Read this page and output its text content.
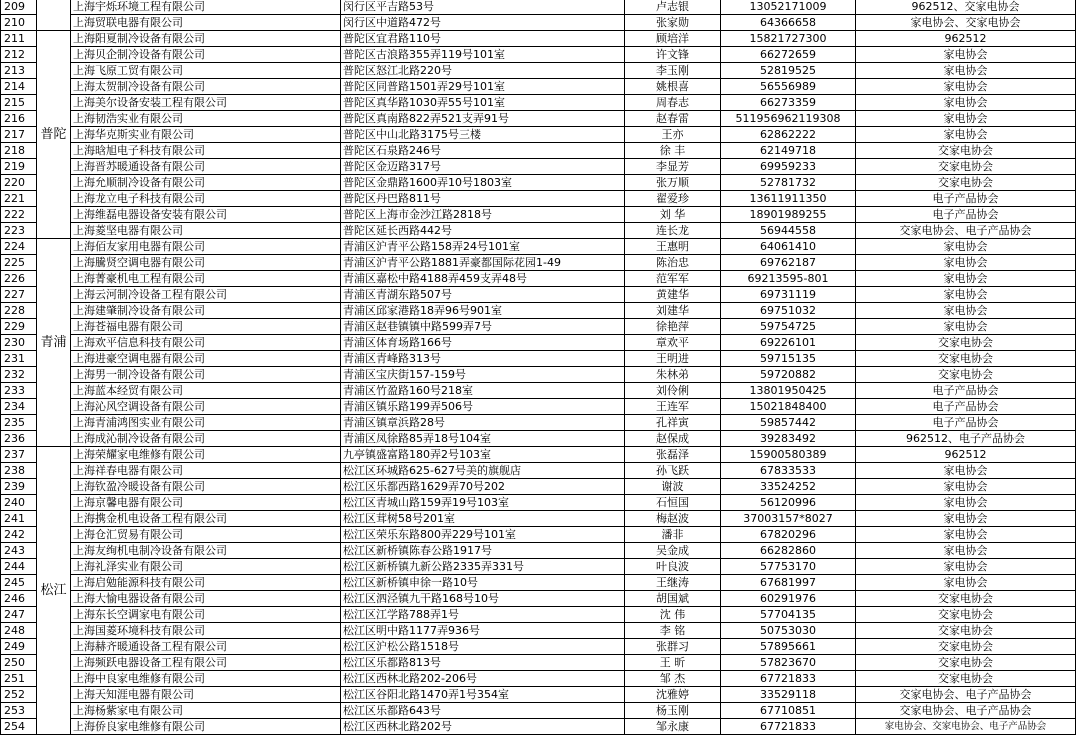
209		上海宇烁环境工程有限公司	闵行区平吉路53号	卢志银	13052171009	962512、交家电协会
210		上海贸联电器有限公司	闵行区中道路472号	张家勋	64366658	家电协会、交家电协会
211	普陀	上海阳夏制冷设备有限公司	普陀区宜君路110号	顾培洋	15821727300	962512
212		上海贝企制冷设备有限公司	普陀区古浪路355弄119号101室	许文锋	66272659	家电协会
213		上海飞原工贸有限公司	普陀区怒江北路220号	李玉刚	52819525	家电协会
214		上海太贺制冷设备有限公司	普陀区同普路1501弄29号101室	姚根喜	56556989	家电协会
215		上海美尔设备安装工程有限公司	普陀区真华路1030弄55号101室	周春志	66273359	家电协会
216		上海韧浩实业有限公司	普陀区真南路822弄521支弄91号	赵春雷	511956962119308	家电协会
217		上海华克斯实业有限公司	普陀区中山北路3175号三楼	王亦	62862222	家电协会
218		上海晗旭电子科技有限公司	普陀区石泉路246号	徐 丰	62149718	交家电协会
219		上海晋苏暖通设备有限公司	普陀区金迈路317号	李显芳	69959233	交家电协会
220		上海允顺制冷设备有限公司	普陀区金鼎路1600弄10号1803室	张万顺	52781732	交家电协会
221		上海龙立电子科技有限公司	普陀区丹巴路811号	翟爱珍	13611911350	电子产品协会
222		上海维磊电器设备安装有限公司	普陀区上海市金沙江路2818号	刘 华	18901989255	电子产品协会
223		上海菱坚电器有限公司	普陀区延长西路442号	连长龙	56944558	交家电协会、电子产品协会
224	青浦	上海佰友家用电器有限公司	青浦区沪青平公路158弄24号101室	王惠明	64061410	家电协会
225		上海騰贤空调电器有限公司	青浦区沪青平公路1881弄豪都国际花园1-49	陈治忠	69762187	家电协会
226		上海菁豪机电工程有限公司	青浦区嘉松中路4188弄459支弄48号	范军军	69213595-801	家电协会
227		上海云河制冷设备工程有限公司	青浦区青湖东路507号	黄建华	69731119	家电协会
228		上海建肇制冷设备有限公司	青浦区邱家港路18弄96号901室	刘建华	69751032	家电协会
229		上海苍福电器有限公司	青浦区赵巷镇镇中路599弄7号	徐艳萍	59754725	家电协会
230		上海欢平信息科技有限公司	青浦区体育场路166号	章欢平	69226101	交家电协会
231		上海进豪空调电器有限公司	青浦区青峰路313号	王明进	59715135	交家电协会
232		上海男一制冷设备有限公司	青浦区宝庆街157-159号	朱林弟	59720882	交家电协会
233		上海蓝本经贸有限公司	青浦区竹盈路160号218室	刘伶俐	13801950425	电子产品协会
234		上海沁风空调设备有限公司	青浦区镇乐路199弄506号	王连军	15021848400	电子产品协会
235		上海青浦鸿图实业有限公司	青浦区镇章浜路28号	孔祥寅	59857442	电子产品协会
236		上海成沁制冷设备有限公司	青浦区凤徐路85弄18号104室	赵保成	39283492	962512、电子产品协会
237	松江	上海荣耀家电维修有限公司	九亭镇盛富路180弄2号103室	张磊泽	15900580389	962512
238		上海祥春电器有限公司	松江区环城路625-627号美的旗舰店	孙飞跃	67833533	家电协会
239		上海钦盈冷暖设备有限公司	松江区乐都西路1629弄70号202	谢波	33524252	家电协会
240		上海京馨电器有限公司	松江区青城山路159弄19号103室	石恒国	56120996	家电协会
241		上海携金机电设备工程有限公司	松江区茸树58号201室	梅赵波	37003157*8027	家电协会
242		上海仓汇贸易有限公司	松江区荣乐东路800弄229号101室	潘非	67820296	家电协会
243		上海友绚机电制冷设备有限公司	松江区新桥镇陈春公路1917号	吴金成	66282860	家电协会
244		上海礼泽实业有限公司	松江区新桥镇九新公路2335弄331号	叶良波	57753170	家电协会
245		上海启勉能源科技有限公司	松江区新桥镇申徐一路10号	王继涛	67681997	家电协会
246		上海大愉电器设备有限公司	松江区泗泾镇九干路168号10号	胡国斌	60291976	交家电协会
247		上海东长空调家电有限公司	松江区江学路788弄1号	沈 伟	57704135	交家电协会
248		上海国菱环境科技有限公司	松江区明中路1177弄936号	李 铭	50753030	交家电协会
249		上海赫齐暖通设备工程有限公司	松江区沪松公路1518号	张群习	57895661	交家电协会
250		上海频跃电器设备工程有限公司	松江区乐都路813号	王 昕	57823670	交家电协会
251		上海中良家电维修有限公司	松江区西林北路202-206号	邹 杰	67721833	交家电协会
252		上海天知涯电器有限公司	松江区谷阳北路1470弄1号354室	沈雅婷	33529118	交家电协会、电子产品协会
253		上海杨紫家电有限公司	松江区乐都路643号	杨玉刚	67710851	交家电协会、电子产品协会
254		上海侨良家电维修有限公司	松江区西林北路202号	邹永康	67721833	家电协会、交家电协会、电子产品协会
